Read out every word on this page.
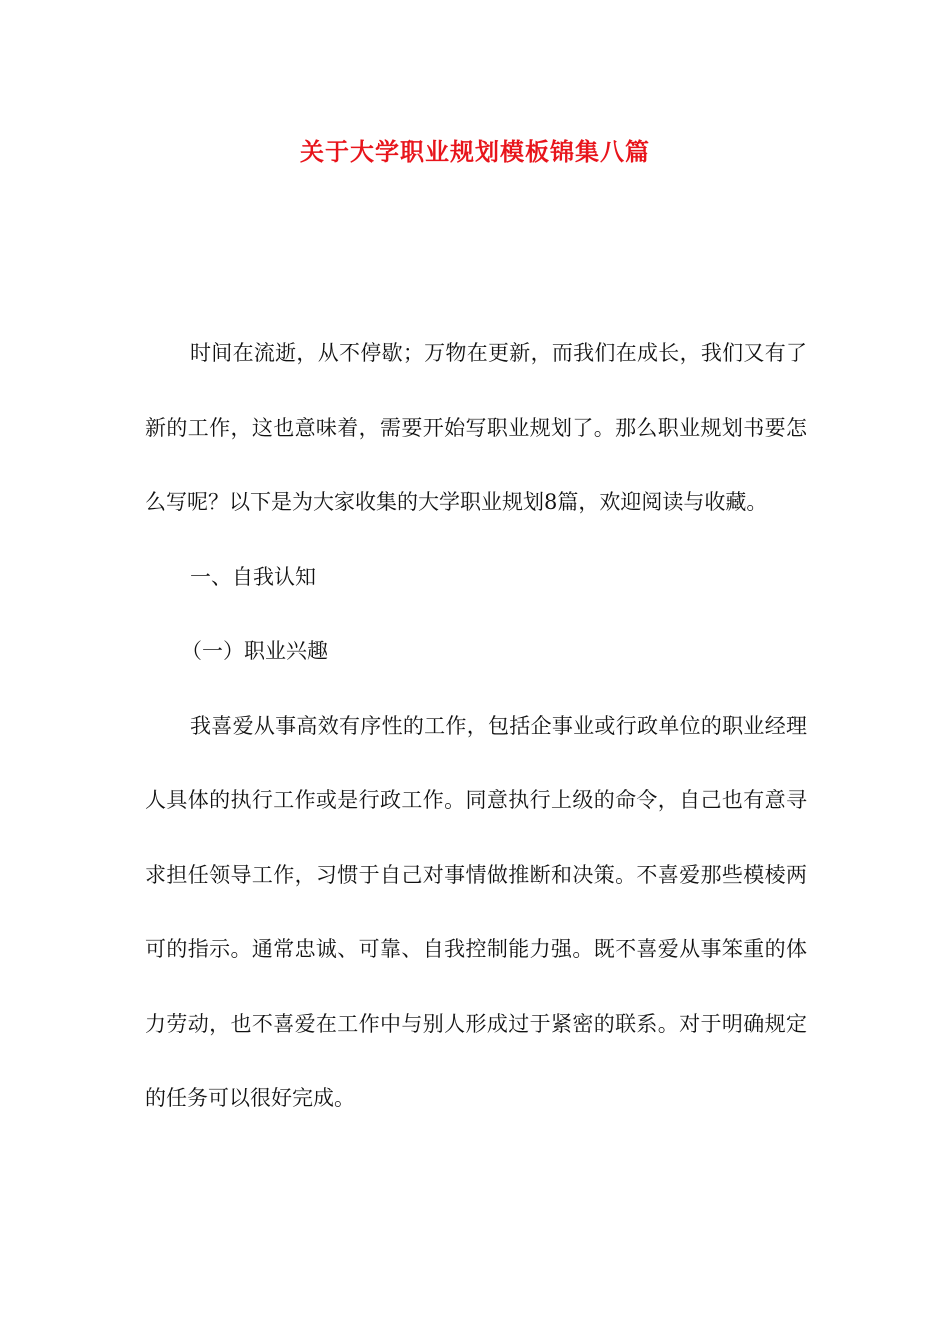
关于大学职业规划模板锦集八篇

时间在流逝，从不停歇；万物在更新，而我们在成长，我们又有了新的工作，这也意味着，需要开始写职业规划了。那么职业规划书要怎么写呢？以下是为大家收集的大学职业规划8篇，欢迎阅读与收藏。

一、自我认知

（一）职业兴趣

我喜爱从事高效有序性的工作，包括企事业或行政单位的职业经理人具体的执行工作或是行政工作。同意执行上级的命令，自己也有意寻求担任领导工作，习惯于自己对事情做推断和决策。不喜爱那些模棱两可的指示。通常忠诚、可靠、自我控制能力强。既不喜爱从事笨重的体力劳动，也不喜爱在工作中与别人形成过于紧密的联系。对于明确规定的任务可以很好完成。
